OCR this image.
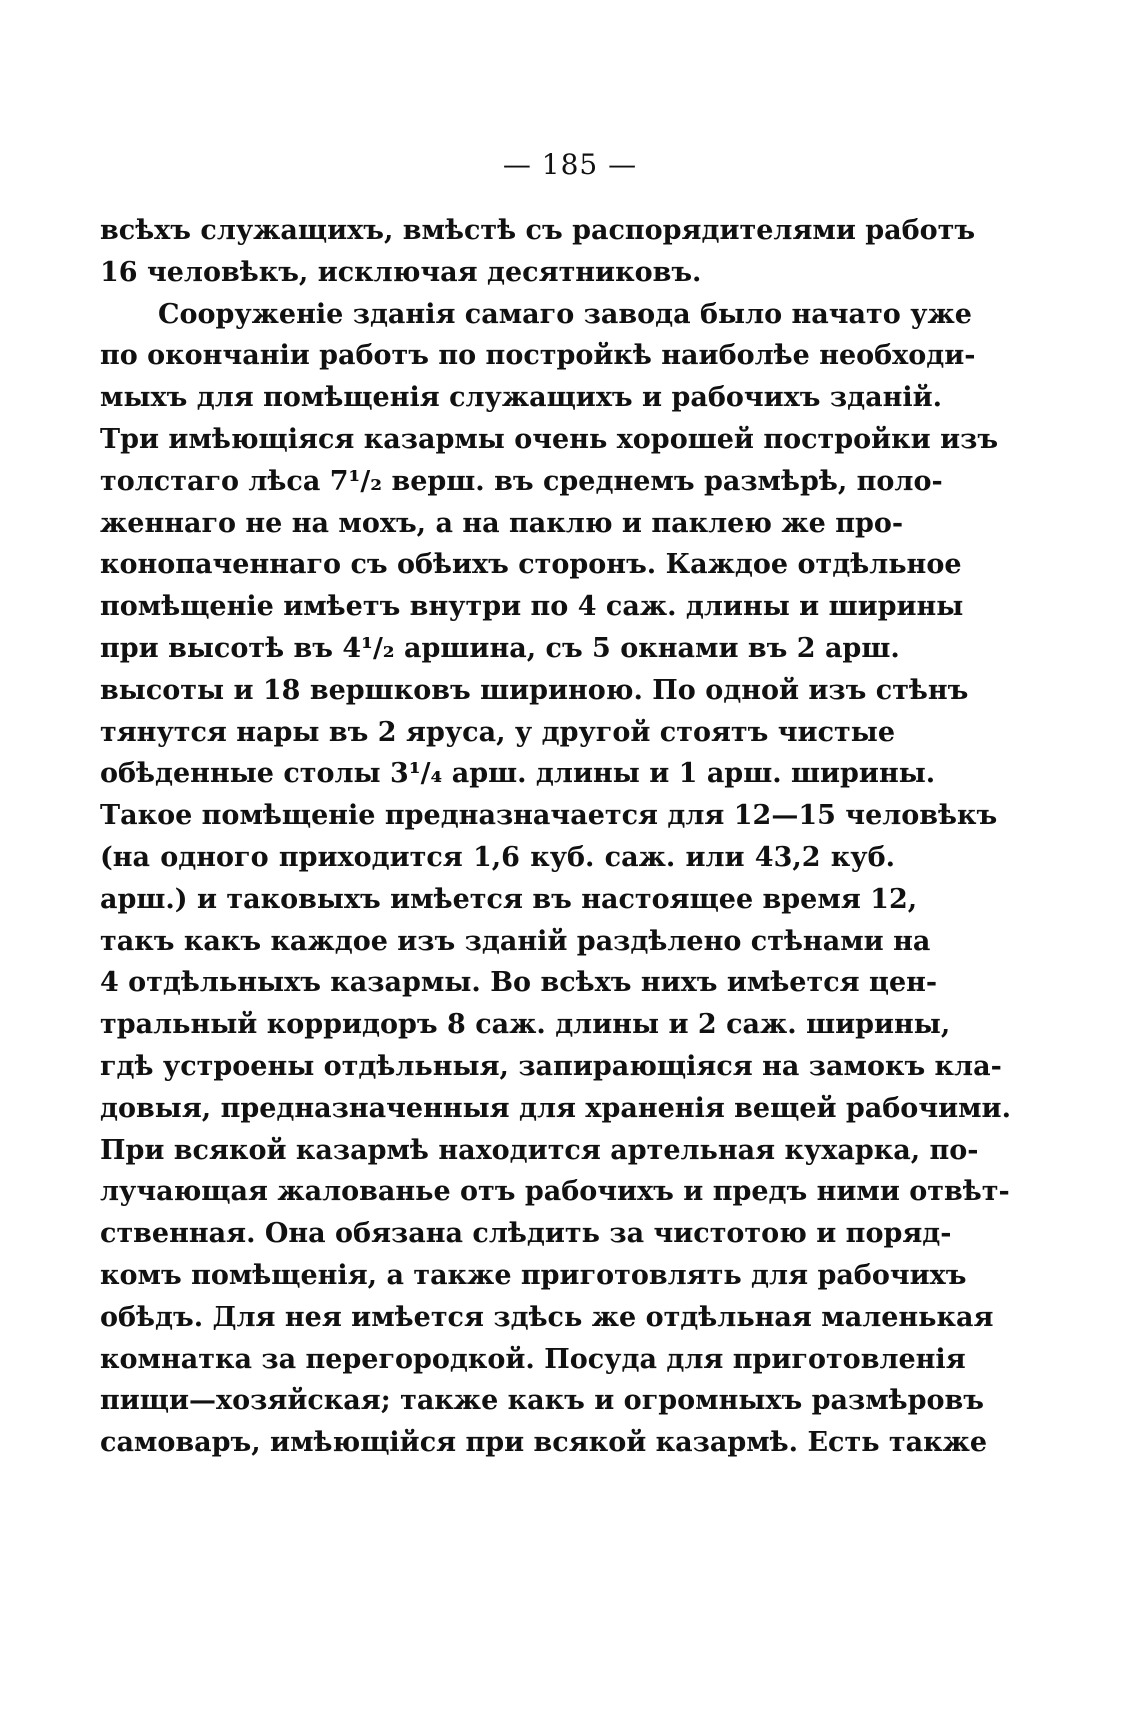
— 185 —
всѣхъ служащихъ, вмѣстѣ съ распорядителями работъ
16 человѣкъ, исключая десятниковъ.
Сооруженіе зданія самаго завода было начато уже
по окончаніи работъ по постройкѣ наиболѣе необходи-
мыхъ для помѣщенія служащихъ и рабочихъ зданій.
Три имѣющіяся казармы очень хорошей постройки изъ
толстаго лѣса 7¹/₂ верш. въ среднемъ размѣрѣ, поло-
женнаго не на мохъ, а на паклю и паклею же про-
конопаченнаго съ обѣихъ сторонъ. Каждое отдѣльное
помѣщеніе имѣетъ внутри по 4 саж. длины и ширины
при высотѣ въ 4¹/₂ аршина, съ 5 окнами въ 2 арш.
высоты и 18 вершковъ шириною. По одной изъ стѣнъ
тянутся нары въ 2 яруса, у другой стоятъ чистые
обѣденные столы 3¹/₄ арш. длины и 1 арш. ширины.
Такое помѣщеніе предназначается для 12—15 человѣкъ
(на одного приходится 1,6 куб. саж. или 43,2 куб.
арш.) и таковыхъ имѣется въ настоящее время 12,
такъ какъ каждое изъ зданій раздѣлено стѣнами на
4 отдѣльныхъ казармы. Во всѣхъ нихъ имѣется цен-
тральный корридоръ 8 саж. длины и 2 саж. ширины,
гдѣ устроены отдѣльныя, запирающіяся на замокъ кла-
довыя, предназначенныя для храненія вещей рабочими.
При всякой казармѣ находится артельная кухарка, по-
лучающая жалованье отъ рабочихъ и предъ ними отвѣт-
ственная. Она обязана слѣдить за чистотою и поряд-
комъ помѣщенія, а также приготовлять для рабочихъ
обѣдъ. Для нея имѣется здѣсь же отдѣльная маленькая
комнатка за перегородкой. Посуда для приготовленія
пищи—хозяйская; также какъ и огромныхъ размѣровъ
самоваръ, имѣющійся при всякой казармѣ. Есть также
